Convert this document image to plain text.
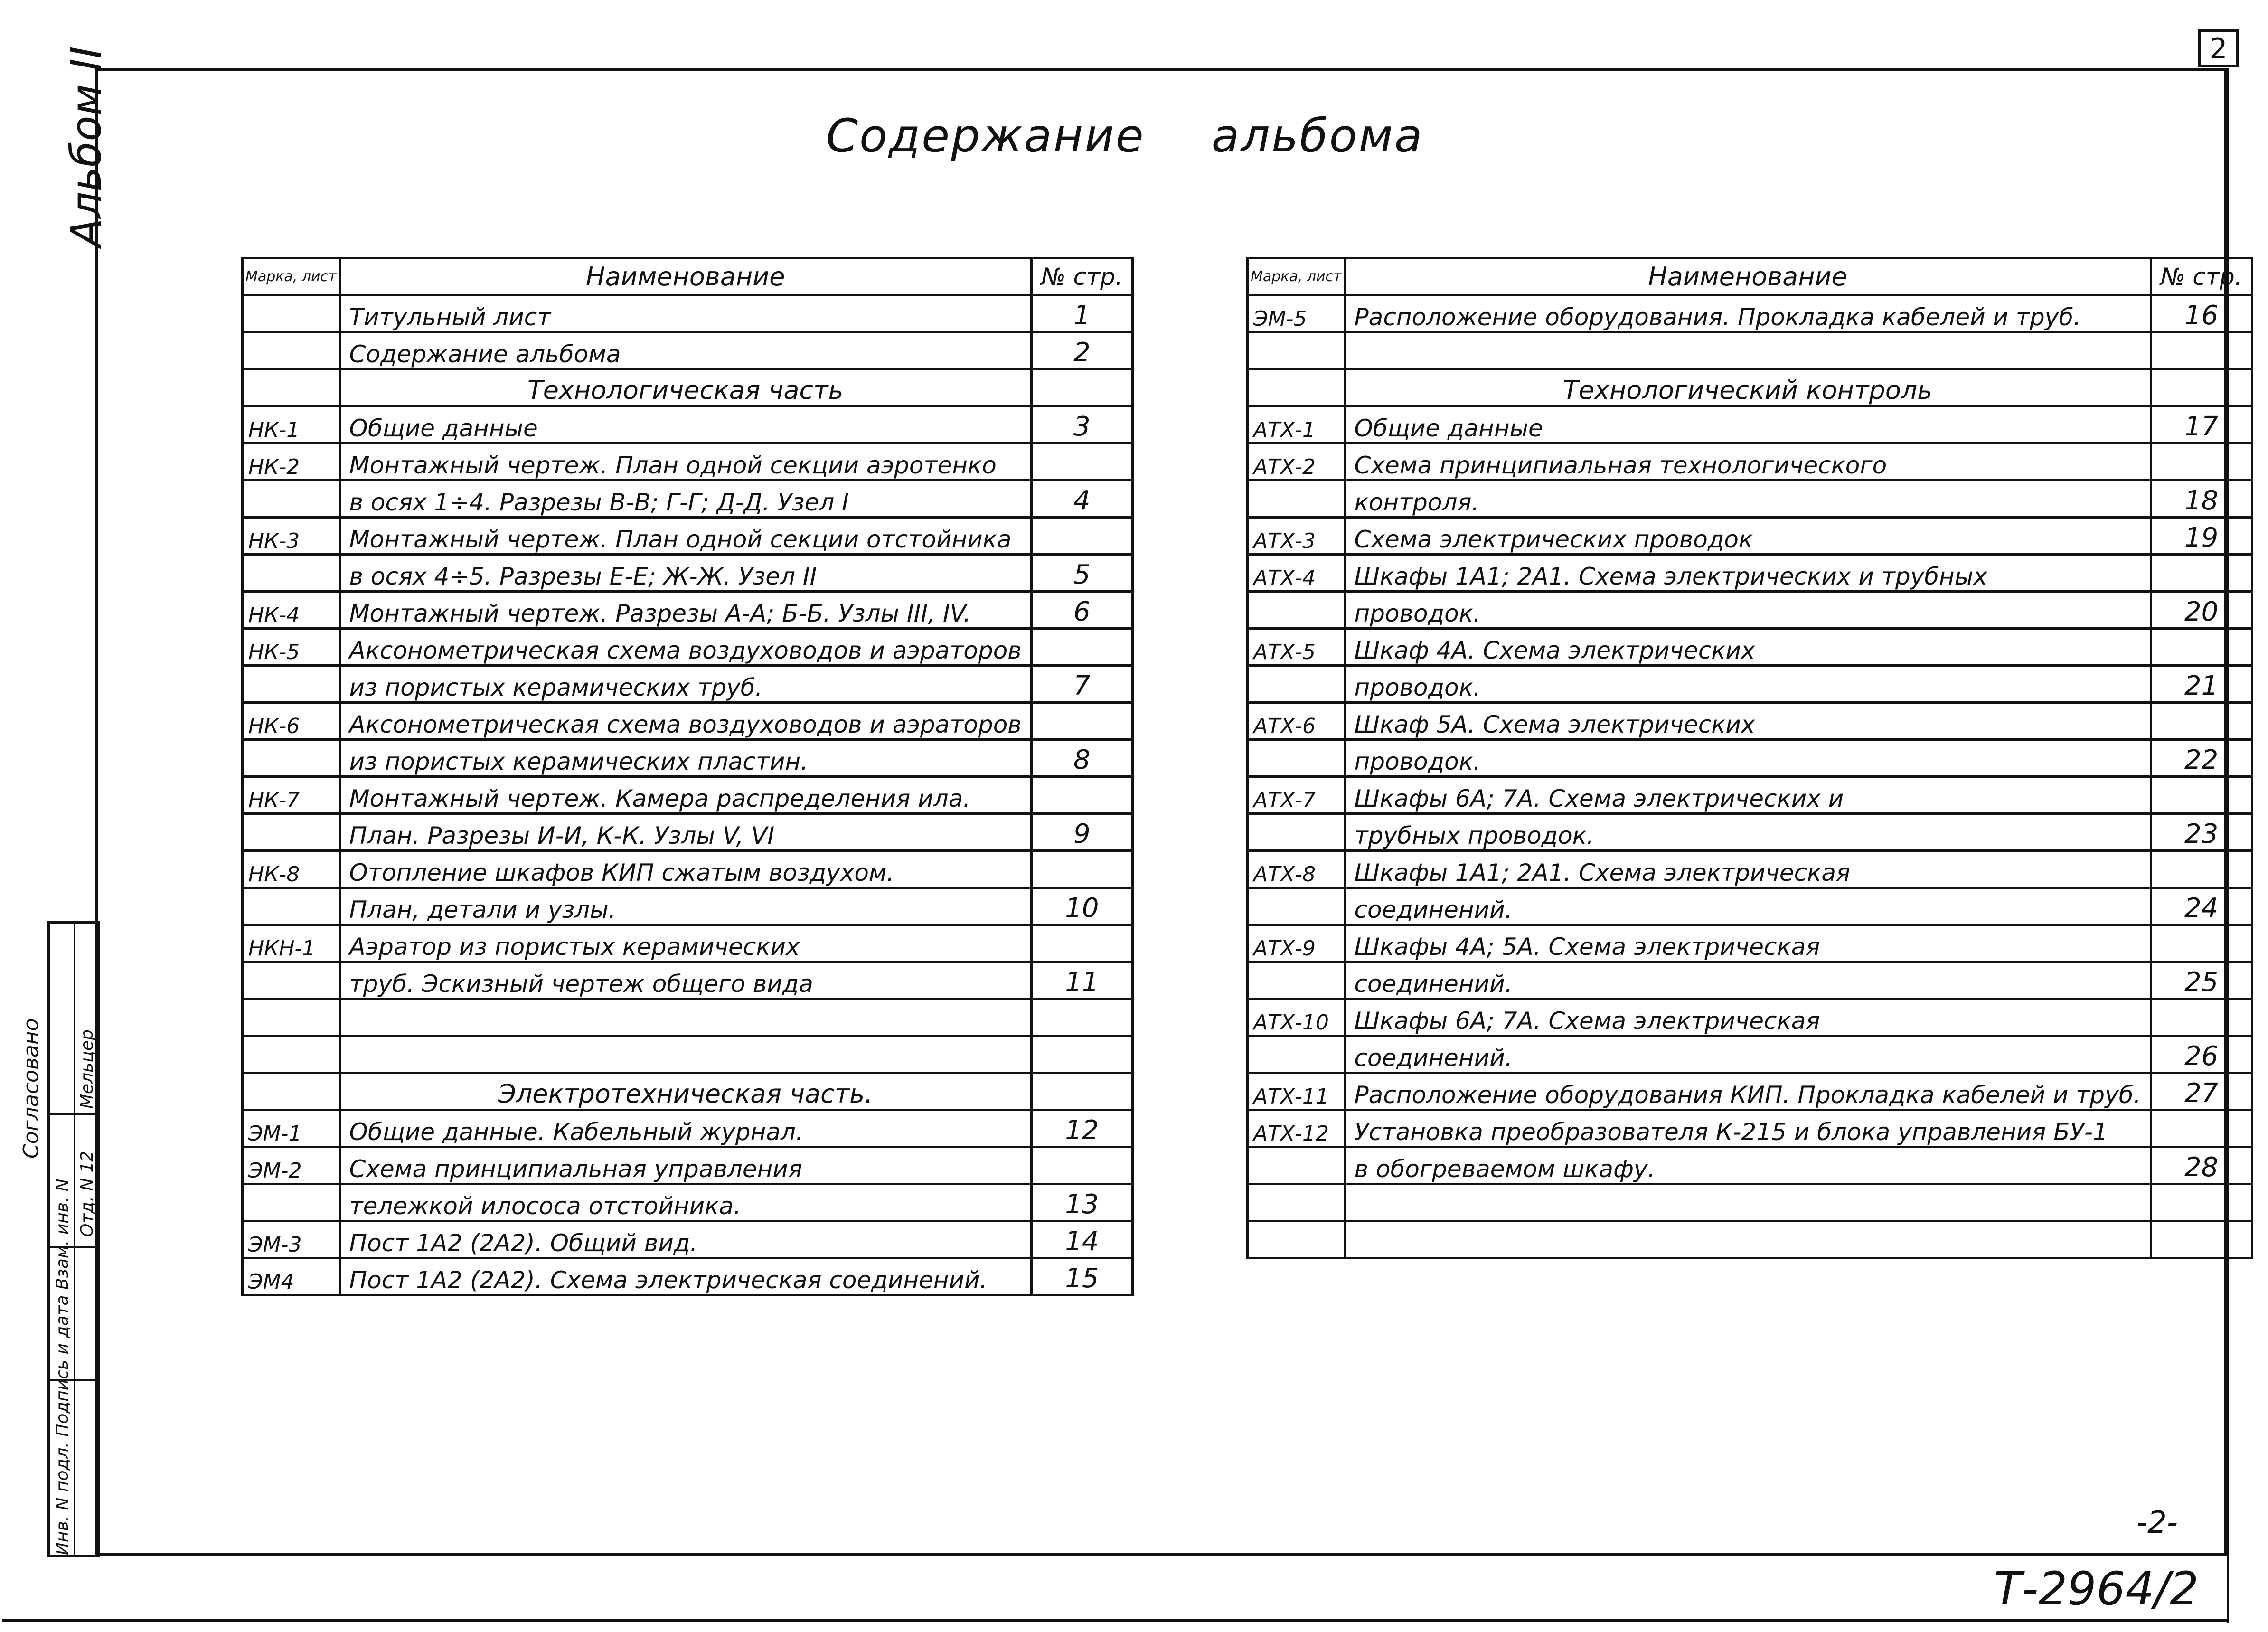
2
Альбом II	Содержание альбома
Марка, лист	Наименование	№ стр.
	Титульный лист	1
	Содержание альбома	2
	Технологическая часть	
НК-1	Общие данные	3
НК-2	Монтажный чертеж. План одной секции аэротенко	
	в осях 1÷4. Разрезы В-В; Г-Г; Д-Д. Узел I	4
НК-3	Монтажный чертеж. План одной секции отстойника	
	в осях 4÷5. Разрезы Е-Е; Ж-Ж. Узел II	5
НК-4	Монтажный чертеж. Разрезы А-А; Б-Б. Узлы III, IV.	6
НК-5	Аксонометрическая схема воздуховодов и аэраторов	
	из пористых керамических труб.	7
НК-6	Аксонометрическая схема воздуховодов и аэраторов	
	из пористых керамических пластин.	8
НК-7	Монтажный чертеж. Камера распределения ила.	
	План. Разрезы И-И, К-К. Узлы V, VI	9
НК-8	Отопление шкафов КИП сжатым воздухом.	
	План, детали и узлы.	10
НКН-1	Аэратор из пористых керамических	
	труб. Эскизный чертеж общего вида	11

	Электротехническая часть.	
ЭМ-1	Общие данные. Кабельный журнал.	12
ЭМ-2	Схема принципиальная управления	
	тележкой илососа отстойника.	13
ЭМ-3	Пост 1А2 (2А2). Общий вид.	14
ЭМ4	Пост 1А2 (2А2). Схема электрическая соединений.	15
Марка, лист	Наименование	№ стр.
ЭМ-5	Расположение оборудования. Прокладка кабелей и труб.	16

	Технологический контроль	
АТХ-1	Общие данные	17
АТХ-2	Схема принципиальная технологического	
	контроля.	18
АТХ-3	Схема электрических проводок	19
АТХ-4	Шкафы 1А1; 2А1. Схема электрических и трубных	
	проводок.	20
АТХ-5	Шкаф 4А. Схема электрических	
	проводок.	21
АТХ-6	Шкаф 5А. Схема электрических	
	проводок.	22
АТХ-7	Шкафы 6А; 7А. Схема электрических и	
	трубных проводок.	23
АТХ-8	Шкафы 1А1; 2А1. Схема электрическая	
	соединений.	24
АТХ-9	Шкафы 4А; 5А. Схема электрическая	
	соединений.	25
АТХ-10	Шкафы 6А; 7А. Схема электрическая	
	соединений.	26
АТХ-11	Расположение оборудования КИП. Прокладка кабелей и труб.	27
АТХ-12	Установка преобразователя К-215 и блока управления БУ-1	
	в обогреваемом шкафу.	28

Инв. N подл. Подпись и дата Взам. инв. N Отд. N 12
Мельцер
Согласовано
-2-
Т-2964/2
